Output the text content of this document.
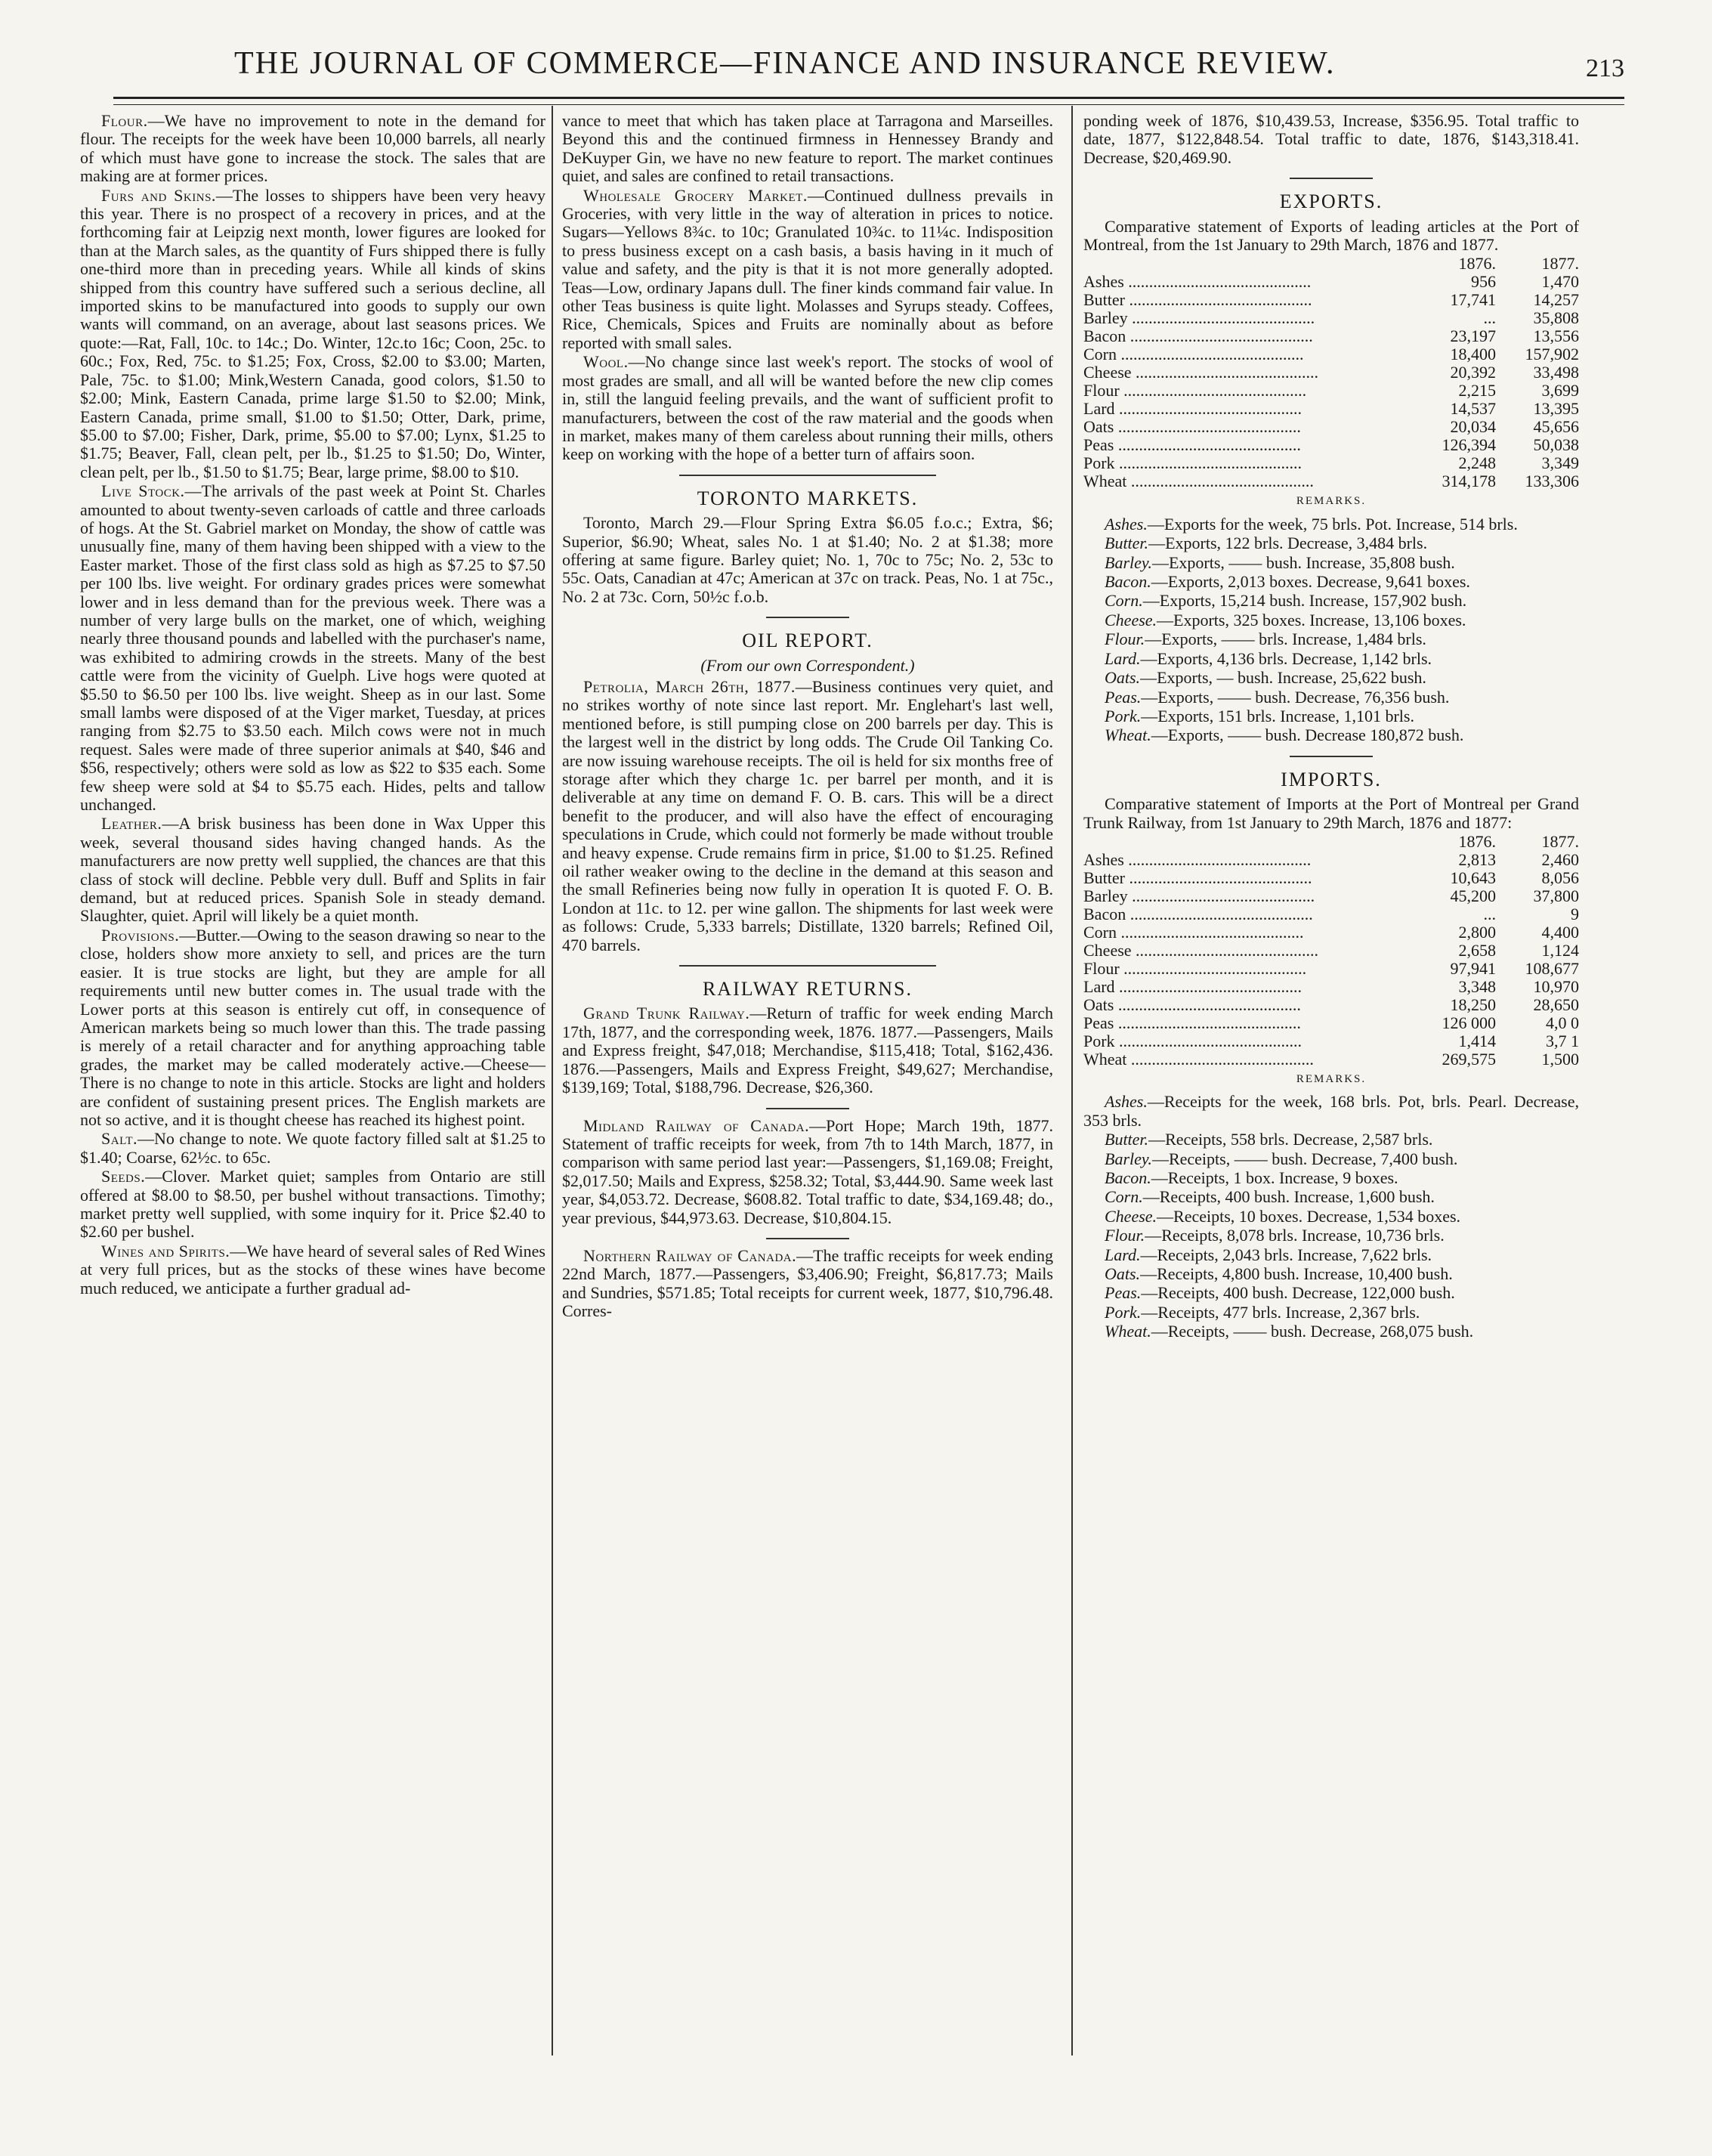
THE JOURNAL OF COMMERCE—FINANCE AND INSURANCE REVIEW.	213

Flour.—We have no improvement to note in the demand for flour. The receipts for the week have been 10,000 barrels, all nearly of which must have gone to increase the stock. The sales that are making are at former prices.

Furs and Skins.—The losses to shippers have been very heavy this year. There is no prospect of a recovery in prices, and at the forthcoming fair at Leipzig next month, lower figures are looked for than at the March sales, as the quantity of Furs shipped there is fully one-third more than in preceding years. While all kinds of skins shipped from this country have suffered such a serious decline, all imported skins to be manufactured into goods to supply our own wants will command, on an average, about last seasons prices. We quote:—Rat, Fall, 10c. to 14c.; Do. Winter, 12c.to 16c; Coon, 25c. to 60c.; Fox, Red, 75c. to $1.25; Fox, Cross, $2.00 to $3.00; Marten, Pale, 75c. to $1.00; Mink,Western Canada, good colors, $1.50 to $2.00; Mink, Eastern Canada, prime large $1.50 to $2.00; Mink, Eastern Canada, prime small, $1.00 to $1.50; Otter, Dark, prime, $5.00 to $7.00; Fisher, Dark, prime, $5.00 to $7.00; Lynx, $1.25 to $1.75; Beaver, Fall, clean pelt, per lb., $1.25 to $1.50; Do, Winter, clean pelt, per lb., $1.50 to $1.75; Bear, large prime, $8.00 to $10.

Live Stock.—The arrivals of the past week at Point St. Charles amounted to about twenty-seven carloads of cattle and three carloads of hogs. At the St. Gabriel market on Monday, the show of cattle was unusually fine, many of them having been shipped with a view to the Easter market. Those of the first class sold as high as $7.25 to $7.50 per 100 lbs. live weight. For ordinary grades prices were somewhat lower and in less demand than for the previous week. There was a number of very large bulls on the market, one of which, weighing nearly three thousand pounds and labelled with the purchaser's name, was exhibited to admiring crowds in the streets. Many of the best cattle were from the vicinity of Guelph. Live hogs were quoted at $5.50 to $6.50 per 100 lbs. live weight. Sheep as in our last. Some small lambs were disposed of at the Viger market, Tuesday, at prices ranging from $2.75 to $3.50 each. Milch cows were not in much request. Sales were made of three superior animals at $40, $46 and $56, respectively; others were sold as low as $22 to $35 each. Some few sheep were sold at $4 to $5.75 each. Hides, pelts and tallow unchanged.

Leather.—A brisk business has been done in Wax Upper this week, several thousand sides having changed hands. As the manufacturers are now pretty well supplied, the chances are that this class of stock will decline. Pebble very dull. Buff and Splits in fair demand, but at reduced prices. Spanish Sole in steady demand. Slaughter, quiet. April will likely be a quiet month.

Provisions.—Butter.—Owing to the season drawing so near to the close, holders show more anxiety to sell, and prices are the turn easier. It is true stocks are light, but they are ample for all requirements until new butter comes in. The usual trade with the Lower ports at this season is entirely cut off, in consequence of American markets being so much lower than this. The trade passing is merely of a retail character and for anything approaching table grades, the market may be called moderately active.—Cheese—There is no change to note in this article. Stocks are light and holders are confident of sustaining present prices. The English markets are not so active, and it is thought cheese has reached its highest point.

Salt.—No change to note. We quote factory filled salt at $1.25 to $1.40; Coarse, 62½c. to 65c.

Seeds.—Clover. Market quiet; samples from Ontario are still offered at $8.00 to $8.50, per bushel without transactions. Timothy; market pretty well supplied, with some inquiry for it. Price $2.40 to $2.60 per bushel.

Wines and Spirits.—We have heard of several sales of Red Wines at very full prices, but as the stocks of these wines have become much reduced, we anticipate a further gradual ad-

vance to meet that which has taken place at Tarragona and Marseilles. Beyond this and the continued firmness in Hennessey Brandy and DeKuyper Gin, we have no new feature to report. The market continues quiet, and sales are confined to retail transactions.

Wholesale Grocery Market.—Continued dullness prevails in Groceries, with very little in the way of alteration in prices to notice. Sugars—Yellows 8¾c. to 10c; Granulated 10¾c. to 11¼c. Indisposition to press business except on a cash basis, a basis having in it much of value and safety, and the pity is that it is not more generally adopted. Teas—Low, ordinary Japans dull. The finer kinds command fair value. In other Teas business is quite light. Molasses and Syrups steady. Coffees, Rice, Chemicals, Spices and Fruits are nominally about as before reported with small sales.

Wool.—No change since last week's report. The stocks of wool of most grades are small, and all will be wanted before the new clip comes in, still the languid feeling prevails, and the want of sufficient profit to manufacturers, between the cost of the raw material and the goods when in market, makes many of them careless about running their mills, others keep on working with the hope of a better turn of affairs soon.

TORONTO MARKETS.

Toronto, March 29.—Flour Spring Extra $6.05 f.o.c.; Extra, $6; Superior, $6.90; Wheat, sales No. 1 at $1.40; No. 2 at $1.38; more offering at same figure. Barley quiet; No. 1, 70c to 75c; No. 2, 53c to 55c. Oats, Canadian at 47c; American at 37c on track. Peas, No. 1 at 75c., No. 2 at 73c. Corn, 50½c f.o.b.

OIL REPORT.
(From our own Correspondent.)

Petrolia, March 26th, 1877.—Business continues very quiet, and no strikes worthy of note since last report. Mr. Englehart's last well, mentioned before, is still pumping close on 200 barrels per day. This is the largest well in the district by long odds. The Crude Oil Tanking Co. are now issuing warehouse receipts. The oil is held for six months free of storage after which they charge 1c. per barrel per month, and it is deliverable at any time on demand F. O. B. cars. This will be a direct benefit to the producer, and will also have the effect of encouraging speculations in Crude, which could not formerly be made without trouble and heavy expense. Crude remains firm in price, $1.00 to $1.25. Refined oil rather weaker owing to the decline in the demand at this season and the small Refineries being now fully in operation It is quoted F. O. B. London at 11c. to 12. per wine gallon. The shipments for last week were as follows: Crude, 5,333 barrels; Distillate, 1320 barrels; Refined Oil, 470 barrels.

RAILWAY RETURNS.

Grand Trunk Railway.—Return of traffic for week ending March 17th, 1877, and the corresponding week, 1876. 1877.—Passengers, Mails and Express freight, $47,018; Merchandise, $115,418; Total, $162,436. 1876.—Passengers, Mails and Express Freight, $49,627; Merchandise, $139,169; Total, $188,796. Decrease, $26,360.

Midland Railway of Canada.—Port Hope; March 19th, 1877. Statement of traffic receipts for week, from 7th to 14th March, 1877, in comparison with same period last year:—Passengers, $1,169.08; Freight, $2,017.50; Mails and Express, $258.32; Total, $3,444.90. Same week last year, $4,053.72. Decrease, $608.82. Total traffic to date, $34,169.48; do., year previous, $44,973.63. Decrease, $10,804.15.

Northern Railway of Canada.—The traffic receipts for week ending 22nd March, 1877.—Passengers, $3,406.90; Freight, $6,817.73; Mails and Sundries, $571.85; Total receipts for current week, 1877, $10,796.48. Corres-

ponding week of 1876, $10,439.53, Increase, $356.95. Total traffic to date, 1877, $122,848.54. Total traffic to date, 1876, $143,318.41. Decrease, $20,469.90.

EXPORTS.

Comparative statement of Exports of leading articles at the Port of Montreal, from the 1st January to 29th March, 1876 and 1877.

	1876.	1877.
Ashes ............................................	956	1,470
Butter ............................................	17,741	14,257
Barley ............................................	...	35,808
Bacon ............................................	23,197	13,556
Corn ............................................	18,400	157,902
Cheese ............................................	20,392	33,498
Flour ............................................	2,215	3,699
Lard ............................................	14,537	13,395
Oats ............................................	20,034	45,656
Peas ............................................	126,394	50,038
Pork ............................................	2,248	3,349
Wheat ............................................	314,178	133,306
REMARKS.

Ashes.—Exports for the week, 75 brls. Pot. Increase, 514 brls.

Butter.—Exports, 122 brls. Decrease, 3,484 brls.

Barley.—Exports, —— bush. Increase, 35,808 bush.

Bacon.—Exports, 2,013 boxes. Decrease, 9,641 boxes.

Corn.—Exports, 15,214 bush. Increase, 157,902 bush.

Cheese.—Exports, 325 boxes. Increase, 13,106 boxes.

Flour.—Exports, —— brls. Increase, 1,484 brls.

Lard.—Exports, 4,136 brls. Decrease, 1,142 brls.

Oats.—Exports, — bush. Increase, 25,622 bush.

Peas.—Exports, —— bush. Decrease, 76,356 bush.

Pork.—Exports, 151 brls. Increase, 1,101 brls.

Wheat.—Exports, —— bush. Decrease 180,872 bush.

IMPORTS.

Comparative statement of Imports at the Port of Montreal per Grand Trunk Railway, from 1st January to 29th March, 1876 and 1877:

	1876.	1877.
Ashes ............................................	2,813	2,460
Butter ............................................	10,643	8,056
Barley ............................................	45,200	37,800
Bacon ............................................	...	9
Corn ............................................	2,800	4,400
Cheese ............................................	2,658	1,124
Flour ............................................	97,941	108,677
Lard ............................................	3,348	10,970
Oats ............................................	18,250	28,650
Peas ............................................	126 000	4,0 0
Pork ............................................	1,414	3,7 1
Wheat ............................................	269,575	1,500
REMARKS.

Ashes.—Receipts for the week, 168 brls. Pot, brls. Pearl. Decrease, 353 brls.

Butter.—Receipts, 558 brls. Decrease, 2,587 brls.

Barley.—Receipts, —— bush. Decrease, 7,400 bush.

Bacon.—Receipts, 1 box. Increase, 9 boxes.

Corn.—Receipts, 400 bush. Increase, 1,600 bush.

Cheese.—Receipts, 10 boxes. Decrease, 1,534 boxes.

Flour.—Receipts, 8,078 brls. Increase, 10,736 brls.

Lard.—Receipts, 2,043 brls. Increase, 7,622 brls.

Oats.—Receipts, 4,800 bush. Increase, 10,400 bush.

Peas.—Receipts, 400 bush. Decrease, 122,000 bush.

Pork.—Receipts, 477 brls. Increase, 2,367 brls.

Wheat.—Receipts, —— bush. Decrease, 268,075 bush.
